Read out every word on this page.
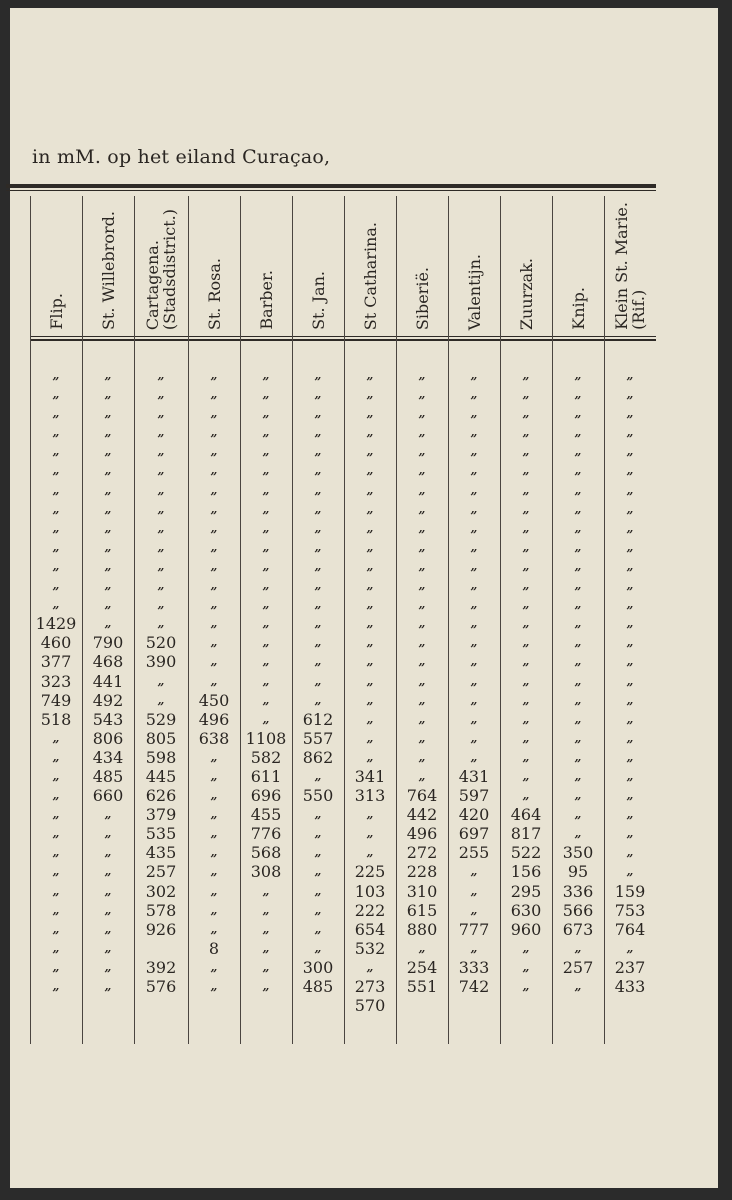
in mM. op het eiland Curaçao,
Flip. St. Willebrord. Cartagena.
(Stadsdistrict.) St. Rosa. Barber. St. Jan. St Catharina. Siberië. Valentijn. Zuurzak. Knip. Klein St. Marie.
(Rif.)
„
„
„
„
„
„
„
„
„
„
„
„
„
1429
460
377
323
749
518
„
„
„
„
„
„
„
„
„
„
„
„
„
„
„
„
„
„
„
„
„
„
„
„
„
„
„
„
790
468
441
492
543
806
434
485
660
„
„
„
„
„
„
„
„
„
„
„
„
„
„
„
„
„
„
„
„
„
„
„
„
520
390
„
„
529
805
598
445
626
379
535
435
257
302
578
926
392
576
„
„
„
„
„
„
„
„
„
„
„
„
„
„
„
„
„
450
496
638
„
„
„
„
„
„
„
„
„
„
8
„
„
„
„
„
„
„
„
„
„
„
„
„
„
„
„
„
„
„
„
„
1108
582
611
696
455
776
568
308
„
„
„
„
„
„
„
„
„
„
„
„
„
„
„
„
„
„
„
„
„
„
„
„
612
557
862
„
550
„
„
„
„
„
„
„
„
300
485
„
„
„
„
„
„
„
„
„
„
„
„
„
„
„
„
„
„
„
„
„
341
313
„
„
„
225
103
222
654
532
„
273
570
„
„
„
„
„
„
„
„
„
„
„
„
„
„
„
„
„
„
„
„
„
„
764
442
496
272
228
310
615
880
„
254
551
„
„
„
„
„
„
„
„
„
„
„
„
„
„
„
„
„
„
„
„
„
431
597
420
697
255
„
„
„
777
„
333
742
„
„
„
„
„
„
„
„
„
„
„
„
„
„
„
„
„
„
„
„
„
„
„
464
817
522
156
295
630
960
„
„
„
„
„
„
„
„
„
„
„
„
„
„
„
„
„
„
„
„
„
„
„
„
„
„
„
„
350
95
336
566
673
„
257
„
„
„
„
„
„
„
„
„
„
„
„
„
„
„
„
„
„
„
„
„
„
„
„
„
„
„
„
159
753
764
„
237
433
